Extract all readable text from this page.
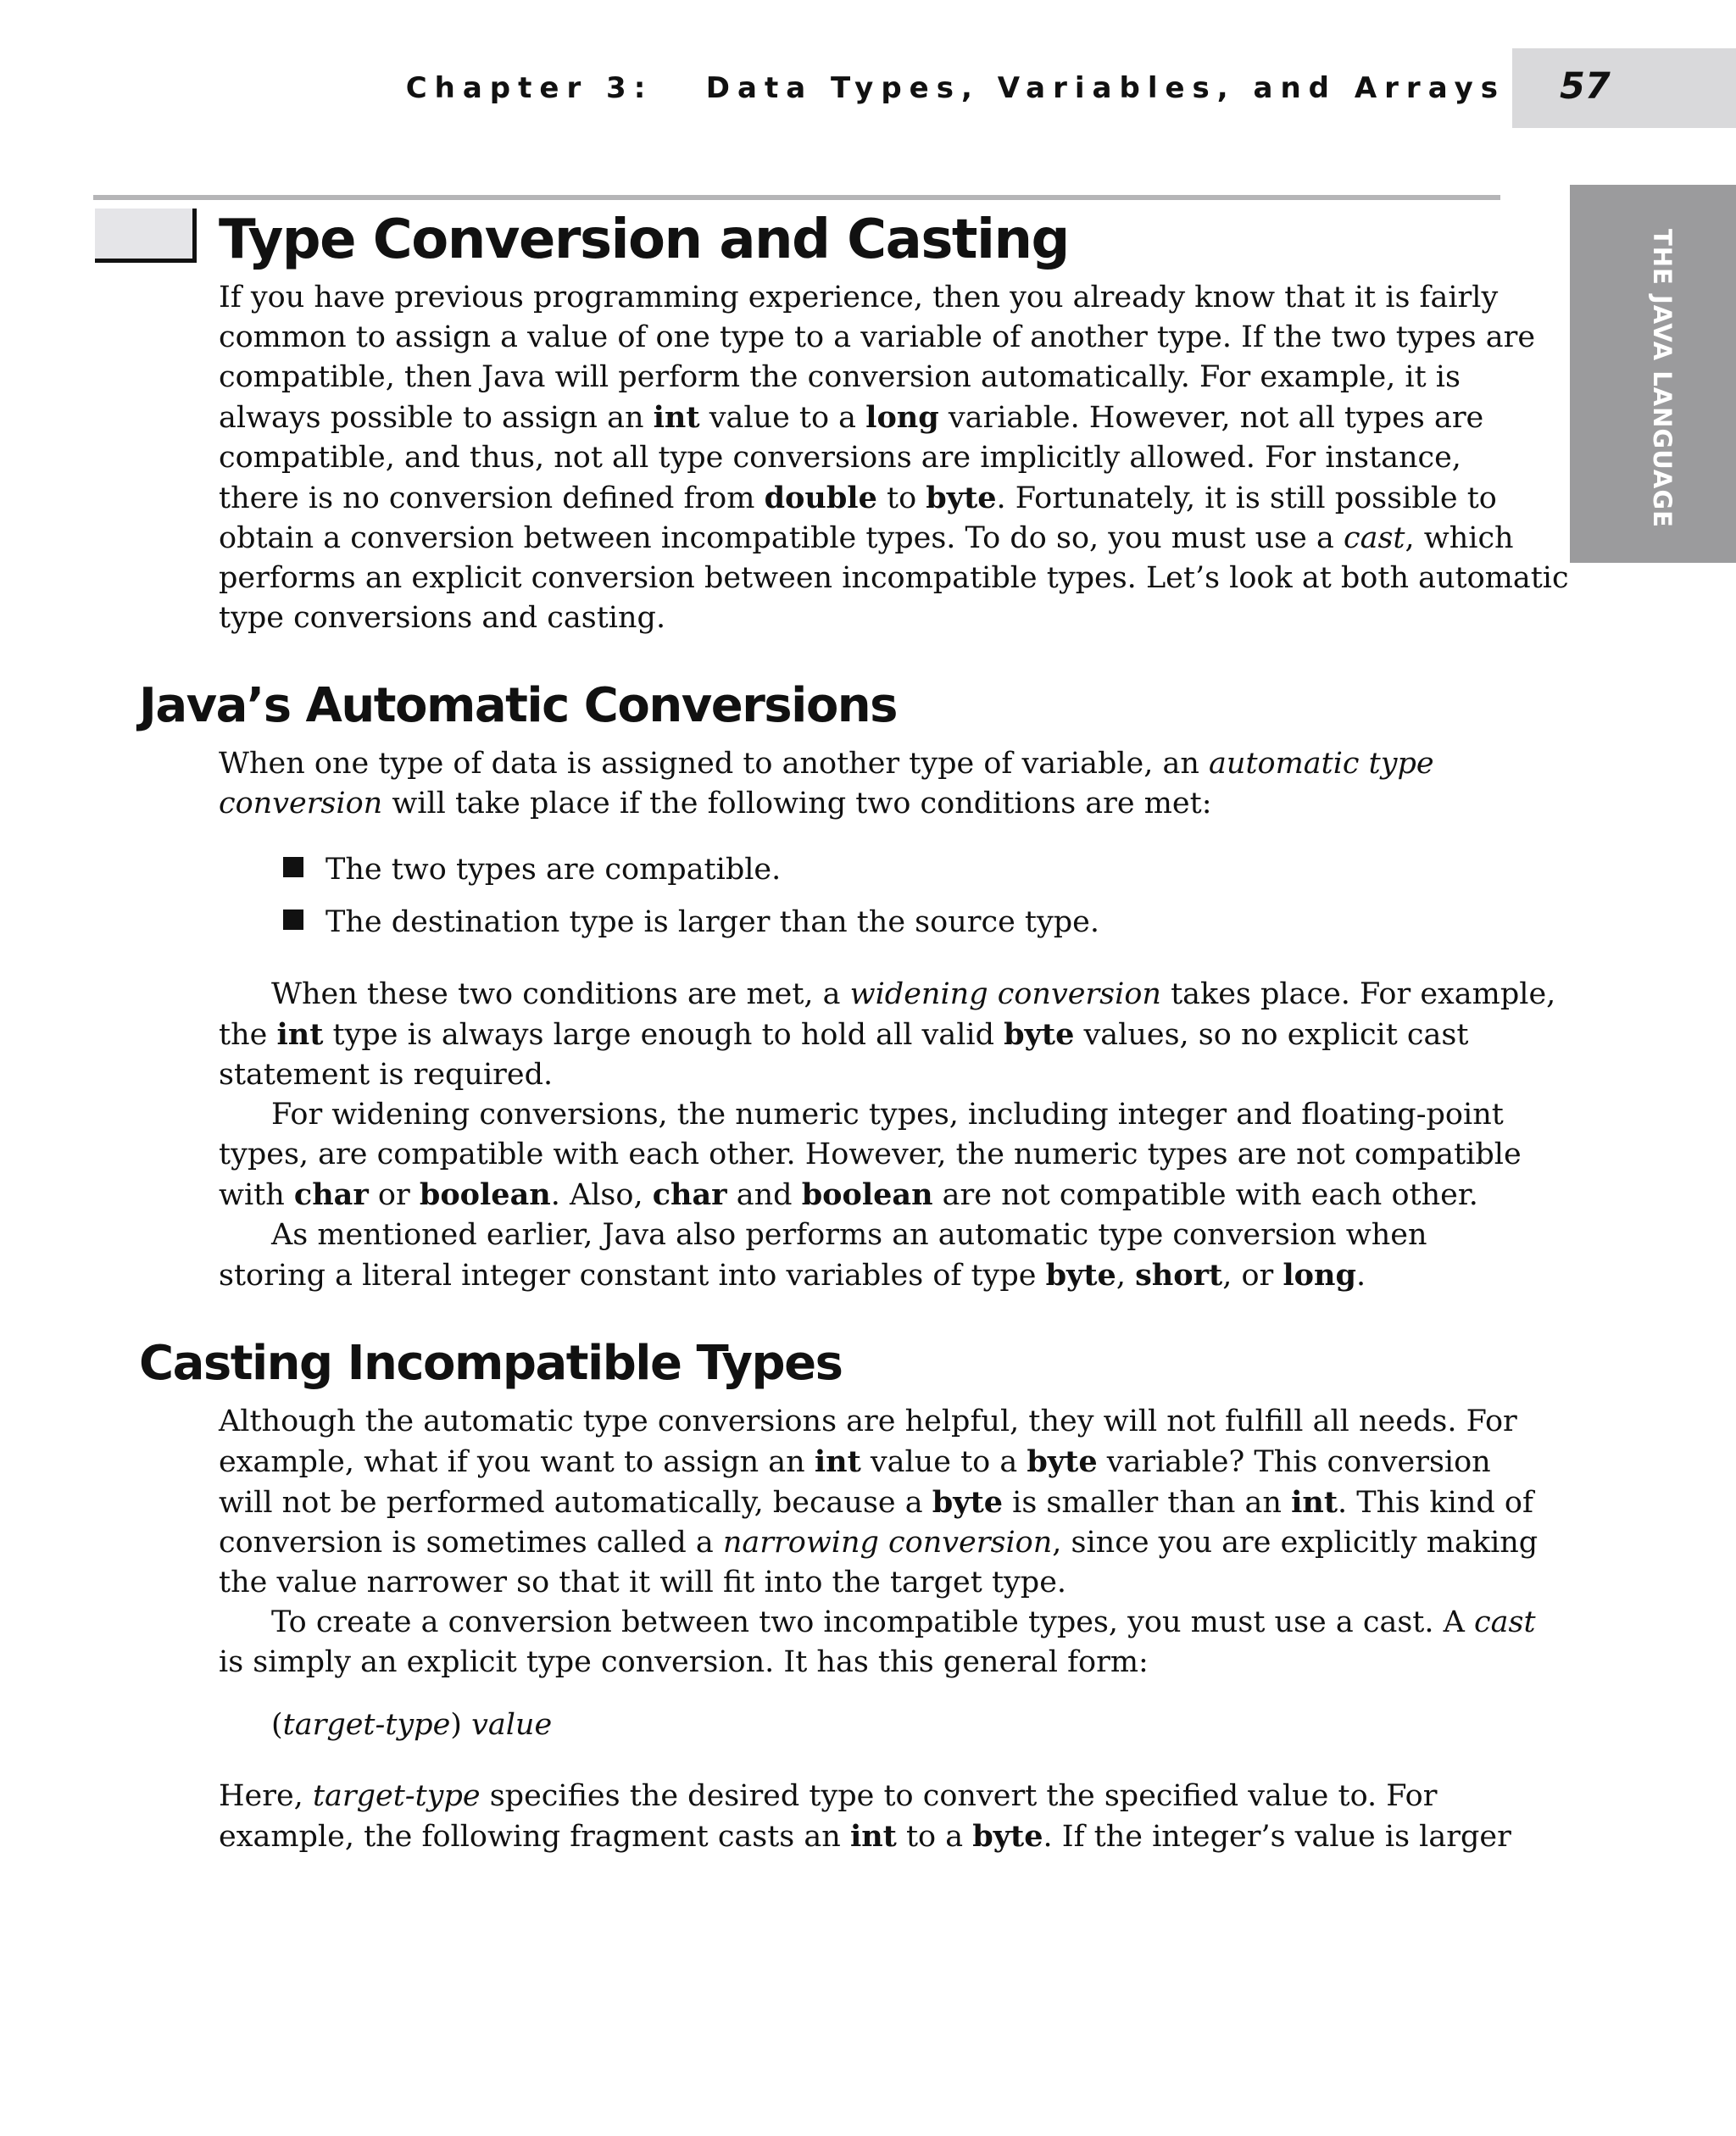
Chapter 3:   Data Types, Variables, and Arrays 57
THE JAVA LANGUAGE
Type Conversion and Casting
If you have previous programming experience, then you already know that it is fairly
common to assign a value of one type to a variable of another type. If the two types are
compatible, then Java will perform the conversion automatically. For example, it is
always possible to assign an int value to a long variable. However, not all types are
compatible, and thus, not all type conversions are implicitly allowed. For instance,
there is no conversion defined from double to byte. Fortunately, it is still possible to
obtain a conversion between incompatible types. To do so, you must use a cast, which
performs an explicit conversion between incompatible types. Let’s look at both automatic
type conversions and casting.
Java’s Automatic Conversions
When one type of data is assigned to another type of variable, an automatic type
conversion will take place if the following two conditions are met:
The two types are compatible.
The destination type is larger than the source type.
When these two conditions are met, a widening conversion takes place. For example,
the int type is always large enough to hold all valid byte values, so no explicit cast
statement is required.
For widening conversions, the numeric types, including integer and floating-point
types, are compatible with each other. However, the numeric types are not compatible
with char or boolean. Also, char and boolean are not compatible with each other.
As mentioned earlier, Java also performs an automatic type conversion when
storing a literal integer constant into variables of type byte, short, or long.
Casting Incompatible Types
Although the automatic type conversions are helpful, they will not fulfill all needs. For
example, what if you want to assign an int value to a byte variable? This conversion
will not be performed automatically, because a byte is smaller than an int. This kind of
conversion is sometimes called a narrowing conversion, since you are explicitly making
the value narrower so that it will fit into the target type.
To create a conversion between two incompatible types, you must use a cast. A cast
is simply an explicit type conversion. It has this general form:
(target-type) value
Here, target-type specifies the desired type to convert the specified value to. For
example, the following fragment casts an int to a byte. If the integer’s value is larger
